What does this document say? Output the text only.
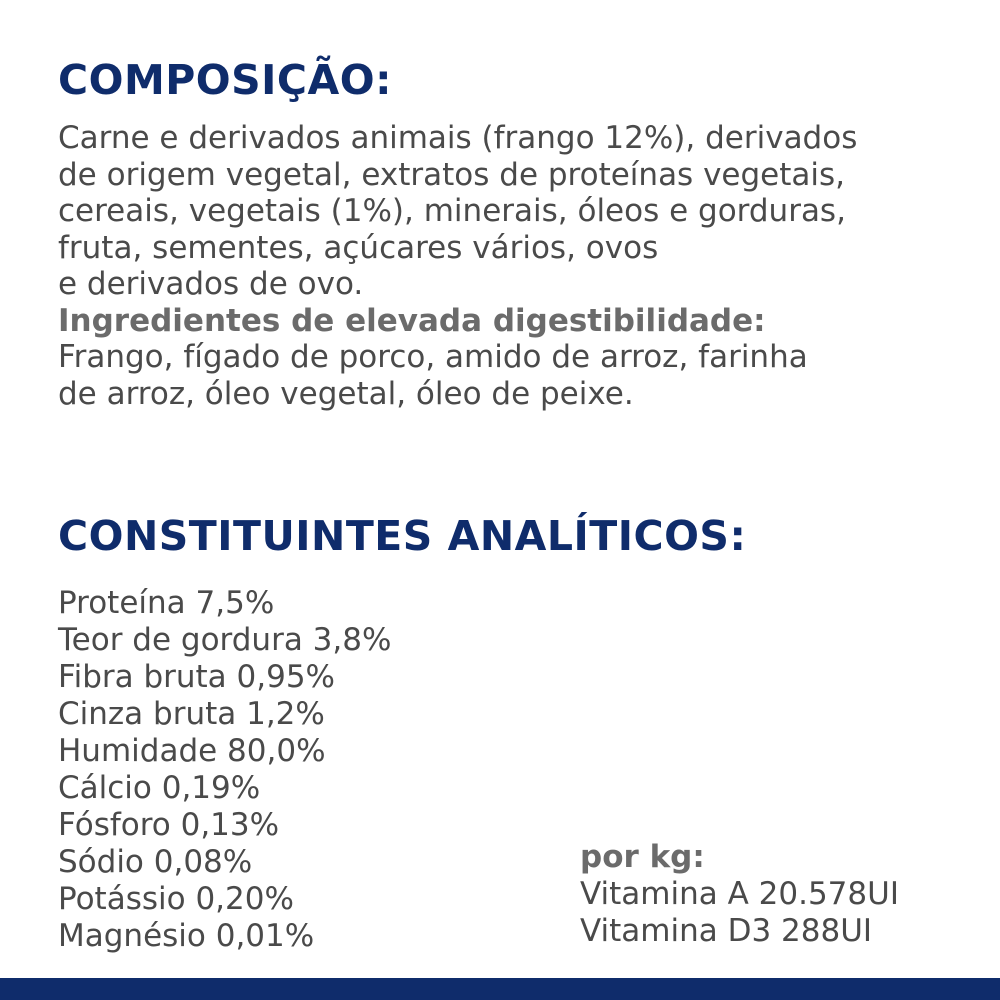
COMPOSIÇÃO:
Carne e derivados animais (frango 12%), derivados
de origem vegetal, extratos de proteínas vegetais,
cereais, vegetais (1%), minerais, óleos e gorduras,
fruta, sementes, açúcares vários, ovos
e derivados de ovo.
Ingredientes de elevada digestibilidade:
Frango, fígado de porco, amido de arroz, farinha
de arroz, óleo vegetal, óleo de peixe.
CONSTITUINTES ANALÍTICOS:
Proteína 7,5%
Teor de gordura 3,8%
Fibra bruta 0,95%
Cinza bruta 1,2%
Humidade 80,0%
Cálcio 0,19%
Fósforo 0,13%
Sódio 0,08%
Potássio 0,20%
Magnésio 0,01%
por kg:
Vitamina A 20.578UI
Vitamina D3 288UI
